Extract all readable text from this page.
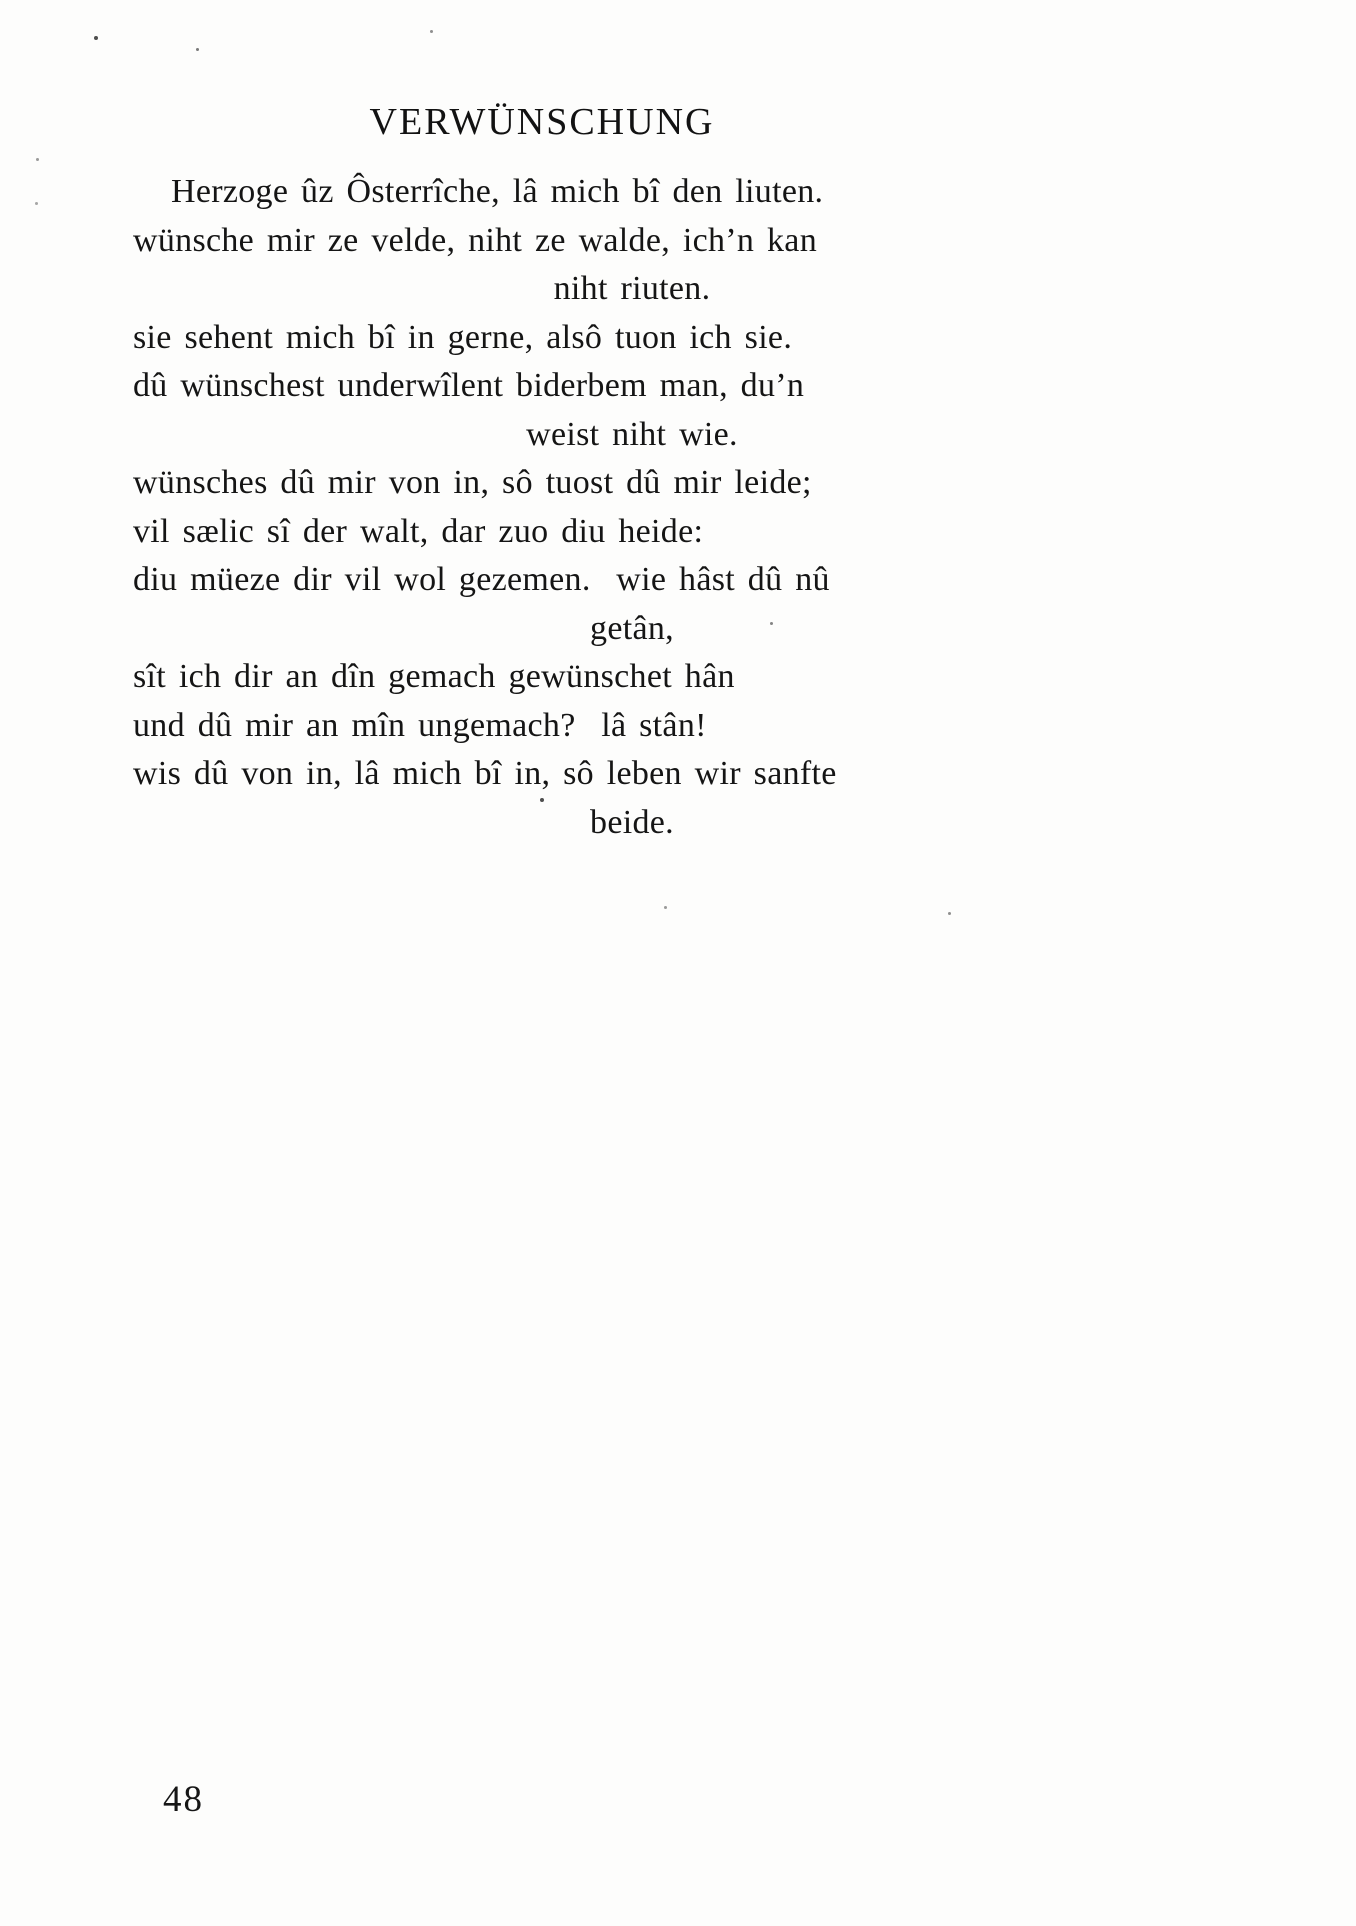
VERWÜNSCHUNG
Herzoge ûz Ôsterrîche, lâ mich bî den liuten.
wünsche mir ze velde, niht ze walde, ich’n kan
niht riuten.
sie sehent mich bî in gerne, alsô tuon ich sie.
dû wünschest underwîlent biderbem man, du’n
weist niht wie.
wünsches dû mir von in, sô tuost dû mir leide;
vil sælic sî der walt, dar zuo diu heide:
diu müeze dir vil wol gezemen.  wie hâst dû nû
getân,
sît ich dir an dîn gemach gewünschet hân
und dû mir an mîn ungemach?  lâ stân!
wis dû von in, lâ mich bî in, sô leben wir sanfte
beide.
48
